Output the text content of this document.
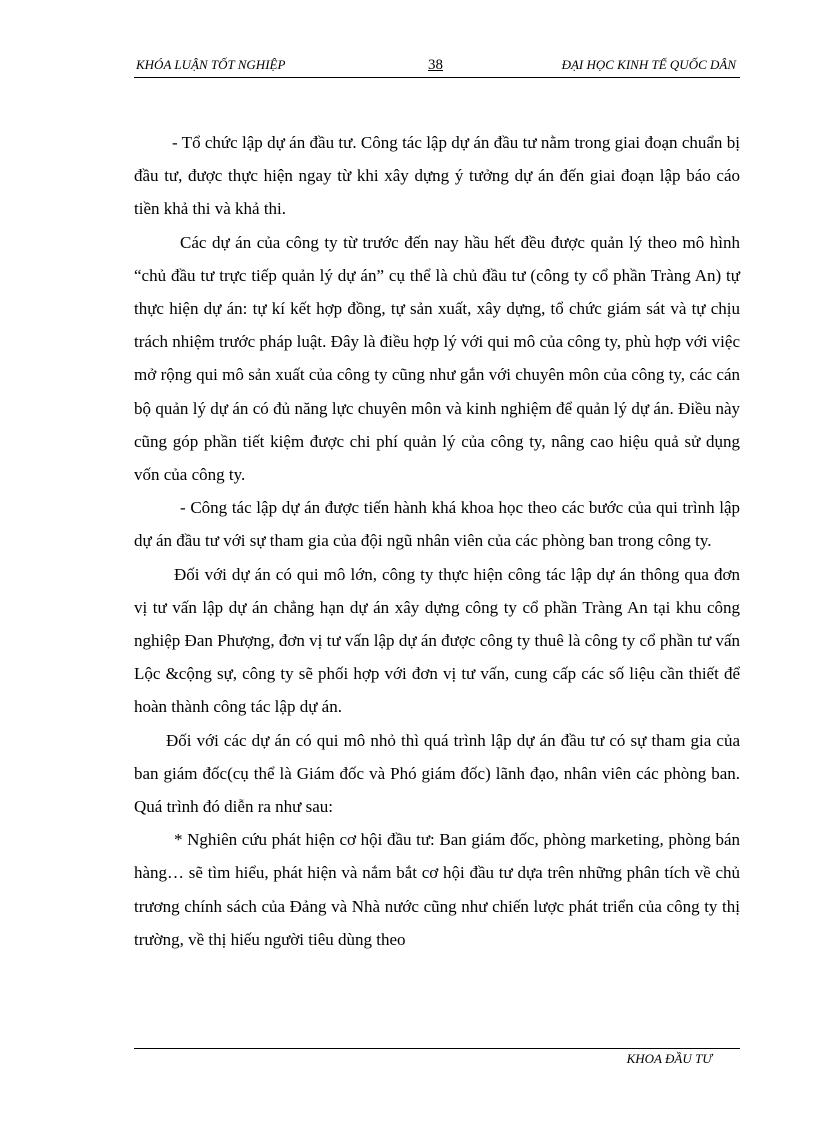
KHÓA LUẬN TỐT NGHIỆP	38	ĐẠI HỌC KINH TẾ QUỐC DÂN

- Tổ chức lập dự án đầu tư. Công tác lập dự án đầu tư nằm trong giai đoạn chuẩn bị đầu tư, được thực hiện ngay từ khi xây dựng ý tưởng dự án đến giai đoạn lập báo cáo tiền khả thi và khả thi.

Các dự án của công ty từ trước đến nay hầu hết đều được quản lý theo mô hình “chủ đầu tư trực tiếp quản lý dự án” cụ thể là chủ đầu tư (công ty cổ phần Tràng An) tự thực hiện dự án: tự kí kết hợp đồng, tự sản xuất, xây dựng, tổ chức giám sát và tự chịu trách nhiệm trước pháp luật. Đây là điều hợp lý với qui mô của công ty, phù hợp với việc mở rộng qui mô sản xuất của công ty cũng như gắn với chuyên môn của công ty, các cán bộ quản lý dự án có đủ năng lực chuyên môn và kinh nghiệm để quản lý dự án. Điều này cũng góp phần tiết kiệm được chi phí quản lý của công ty, nâng cao hiệu quả sử dụng vốn của công ty.

- Công tác lập dự án được tiến hành khá khoa học theo các bước của qui trình lập dự án đầu tư với sự tham gia của đội ngũ nhân viên của các phòng ban trong công ty.

Đối với dự án có qui mô lớn, công ty thực hiện công tác lập dự án thông qua đơn vị tư vấn lập dự án chẳng hạn dự án xây dựng công ty cổ phần Tràng An tại khu công nghiệp Đan Phượng, đơn vị tư vấn lập dự án được công ty thuê là công ty cổ phần tư vấn Lộc &cộng sự, công ty sẽ phối hợp với đơn vị tư vấn, cung cấp các số liệu cần thiết để hoàn thành công tác lập dự án.

Đối với các dự án có qui mô nhỏ thì quá trình lập dự án đầu tư có sự tham gia của ban giám đốc(cụ thể là Giám đốc và Phó giám đốc) lãnh đạo, nhân viên các phòng ban. Quá trình đó diễn ra như sau:

* Nghiên cứu phát hiện cơ hội đầu tư: Ban giám đốc, phòng marketing, phòng bán hàng… sẽ tìm hiểu, phát hiện và nắm bắt cơ hội đầu tư dựa trên những phân tích về chủ trương chính sách của Đảng và Nhà nước cũng như chiến lược phát triển của công ty thị trường, về thị hiếu người tiêu dùng theo

KHOA ĐẦU TƯ
